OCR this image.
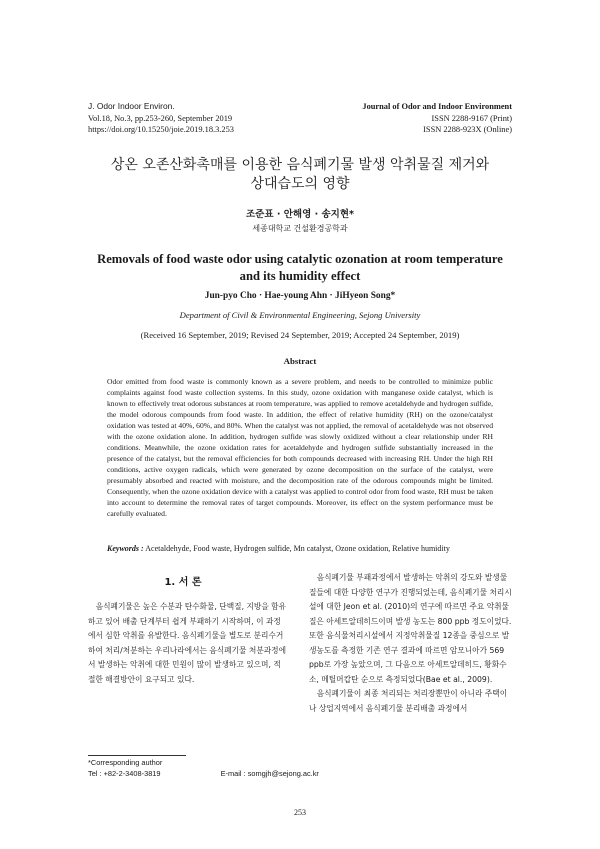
J. Odor Indoor Environ.
Vol.18, No.3, pp.253-260, September 2019
https://doi.org/10.15250/joie.2019.18.3.253
Journal of Odor and Indoor Environment
ISSN 2288-9167 (Print)
ISSN 2288-923X (Online)
상온 오존산화촉매를 이용한 음식폐기물 발생 악취물질 제거와
상대습도의 영향
조준표 · 안해영 · 송지현*
세종대학교 건설환경공학과
Removals of food waste odor using catalytic ozonation at room temperature
and its humidity effect
Jun-pyo Cho · Hae-young Ahn · JiHyeon Song*
Department of Civil & Environmental Engineering, Sejong University
(Received 16 September, 2019; Revised 24 September, 2019; Accepted 24 September, 2019)
Abstract
Odor emitted from food waste is commonly known as a severe problem, and needs to be controlled to minimize public complaints against food waste collection systems. In this study, ozone oxidation with manganese oxide catalyst, which is known to effectively treat odorous substances at room temperature, was applied to remove acetaldehyde and hydrogen sulfide, the model odorous compounds from food waste. In addition, the effect of relative humidity (RH) on the ozone/catalyst oxidation was tested at 40%, 60%, and 80%. When the catalyst was not applied, the removal of acetaldehyde was not observed with the ozone oxidation alone. In addition, hydrogen sulfide was slowly oxidized without a clear relationship under RH conditions. Meanwhile, the ozone oxidation rates for acetaldehyde and hydrogen sulfide substantially increased in the presence of the catalyst, but the removal efficiencies for both compounds decreased with increasing RH. Under the high RH conditions, active oxygen radicals, which were generated by ozone decomposition on the surface of the catalyst, were presumably absorbed and reacted with moisture, and the decomposition rate of the odorous compounds might be limited. Consequently, when the ozone oxidation device with a catalyst was applied to control odor from food waste, RH must be taken into account to determine the removal rates of target compounds. Moreover, its effect on the system performance must be carefully evaluated.
Keywords : Acetaldehyde, Food waste, Hydrogen sulfide, Mn catalyst, Ozone oxidation, Relative humidity
1. 서 론

음식폐기물은 높은 수분과 탄수화물, 단백질, 지방을 함유하고 있어 배출 단계부터 쉽게 부패하기 시작하며, 이 과정에서 심한 악취를 유발한다. 음식폐기물을 별도로 분리수거하여 처리/처분하는 우리나라에서는 음식폐기물 처분과정에서 발생하는 악취에 대한 민원이 많이 발생하고 있으며, 적절한 해결방안이 요구되고 있다.

음식폐기물 부패과정에서 발생하는 악취의 강도와 발생물질들에 대한 다양한 연구가 진행되었는데, 음식폐기물 처리시설에 대한 Jeon et al. (2010)의 연구에 따르면 주요 악취물질은 아세트알데히드이며 발생 농도는 800 ppb 정도이었다. 또한 음식물처리시설에서 지정악취물질 12종을 중심으로 발생농도를 측정한 기존 연구 결과에 따르면 암모니아가 569 ppb로 가장 높았으며, 그 다음으로 아세트알데히드, 황화수소, 메틸머캅탄 순으로 측정되었다(Bae et al., 2009).

음식폐기물이 최종 처리되는 처리장뿐만이 아니라 주택이나 상업지역에서 음식폐기물 분리배출 과정에서

*Corresponding author
Tel : +82-2-3408-3819	E-mail : somgjh@sejong.ac.kr
253
